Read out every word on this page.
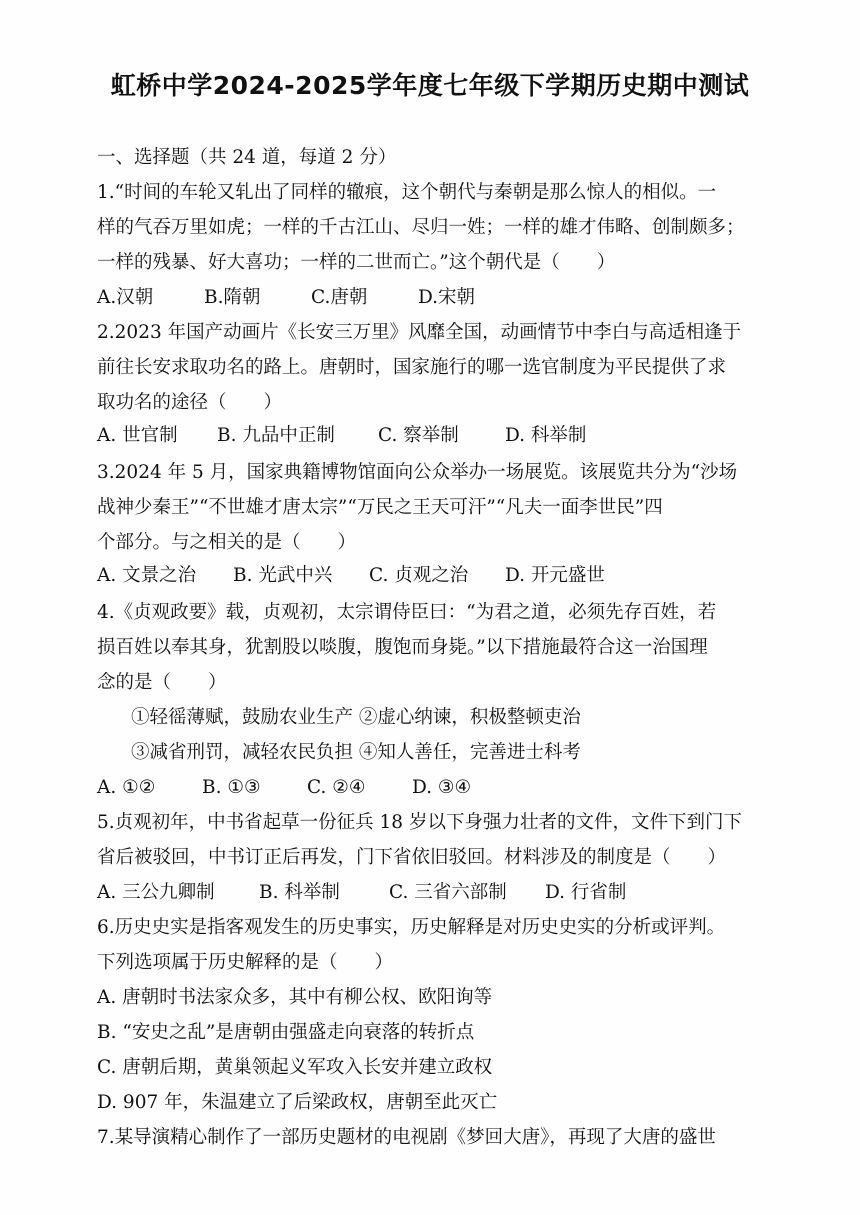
虹桥中学2024-2025学年度七年级下学期历史期中测试
一、选择题（共 24 道，每道 2 分）
1.“时间的车轮又轧出了同样的辙痕，这个朝代与秦朝是那么惊人的相似。一
样的气吞万里如虎；一样的千古江山、尽归一姓；一样的雄才伟略、创制颇多；
一样的残暴、好大喜功；一样的二世而亡。”这个朝代是（　　）
A.汉朝	B.隋朝	C.唐朝	D.宋朝
2.2023 年国产动画片《长安三万里》风靡全国，动画情节中李白与高适相逢于
前往长安求取功名的路上。唐朝时，国家施行的哪一选官制度为平民提供了求
取功名的途径（　　）
A. 世官制 B. 九品中正制 C. 察举制 D. 科举制
3.2024 年 5 月，国家典籍博物馆面向公众举办一场展览。该展览共分为“沙场
战神少秦王”“不世雄才唐太宗”“万民之王天可汗”“凡夫一面李世民”四
个部分。与之相关的是（　　）
A. 文景之治 B. 光武中兴 C. 贞观之治 D. 开元盛世
4.《贞观政要》载，贞观初，太宗谓侍臣曰：“为君之道，必须先存百姓，若
损百姓以奉其身，犹割股以啖腹，腹饱而身毙。”以下措施最符合这一治国理
念的是（　　）
①轻徭薄赋，鼓励农业生产 ②虚心纳谏，积极整顿吏治
③减省刑罚，减轻农民负担 ④知人善任，完善进士科考
A. ①②	B. ①③	C. ②④	D. ③④
5.贞观初年，中书省起草一份征兵 18 岁以下身强力壮者的文件，文件下到门下
省后被驳回，中书订正后再发，门下省依旧驳回。材料涉及的制度是（　　）
A. 三公九卿制 B. 科举制	C. 三省六部制 D. 行省制
6.历史史实是指客观发生的历史事实，历史解释是对历史史实的分析或评判。
下列选项属于历史解释的是（　　）
A. 唐朝时书法家众多，其中有柳公权、欧阳询等
B. “安史之乱”是唐朝由强盛走向衰落的转折点
C. 唐朝后期，黄巢领起义军攻入长安并建立政权
D. 907 年，朱温建立了后梁政权，唐朝至此灭亡
7.某导演精心制作了一部历史题材的电视剧《梦回大唐》，再现了大唐的盛世
